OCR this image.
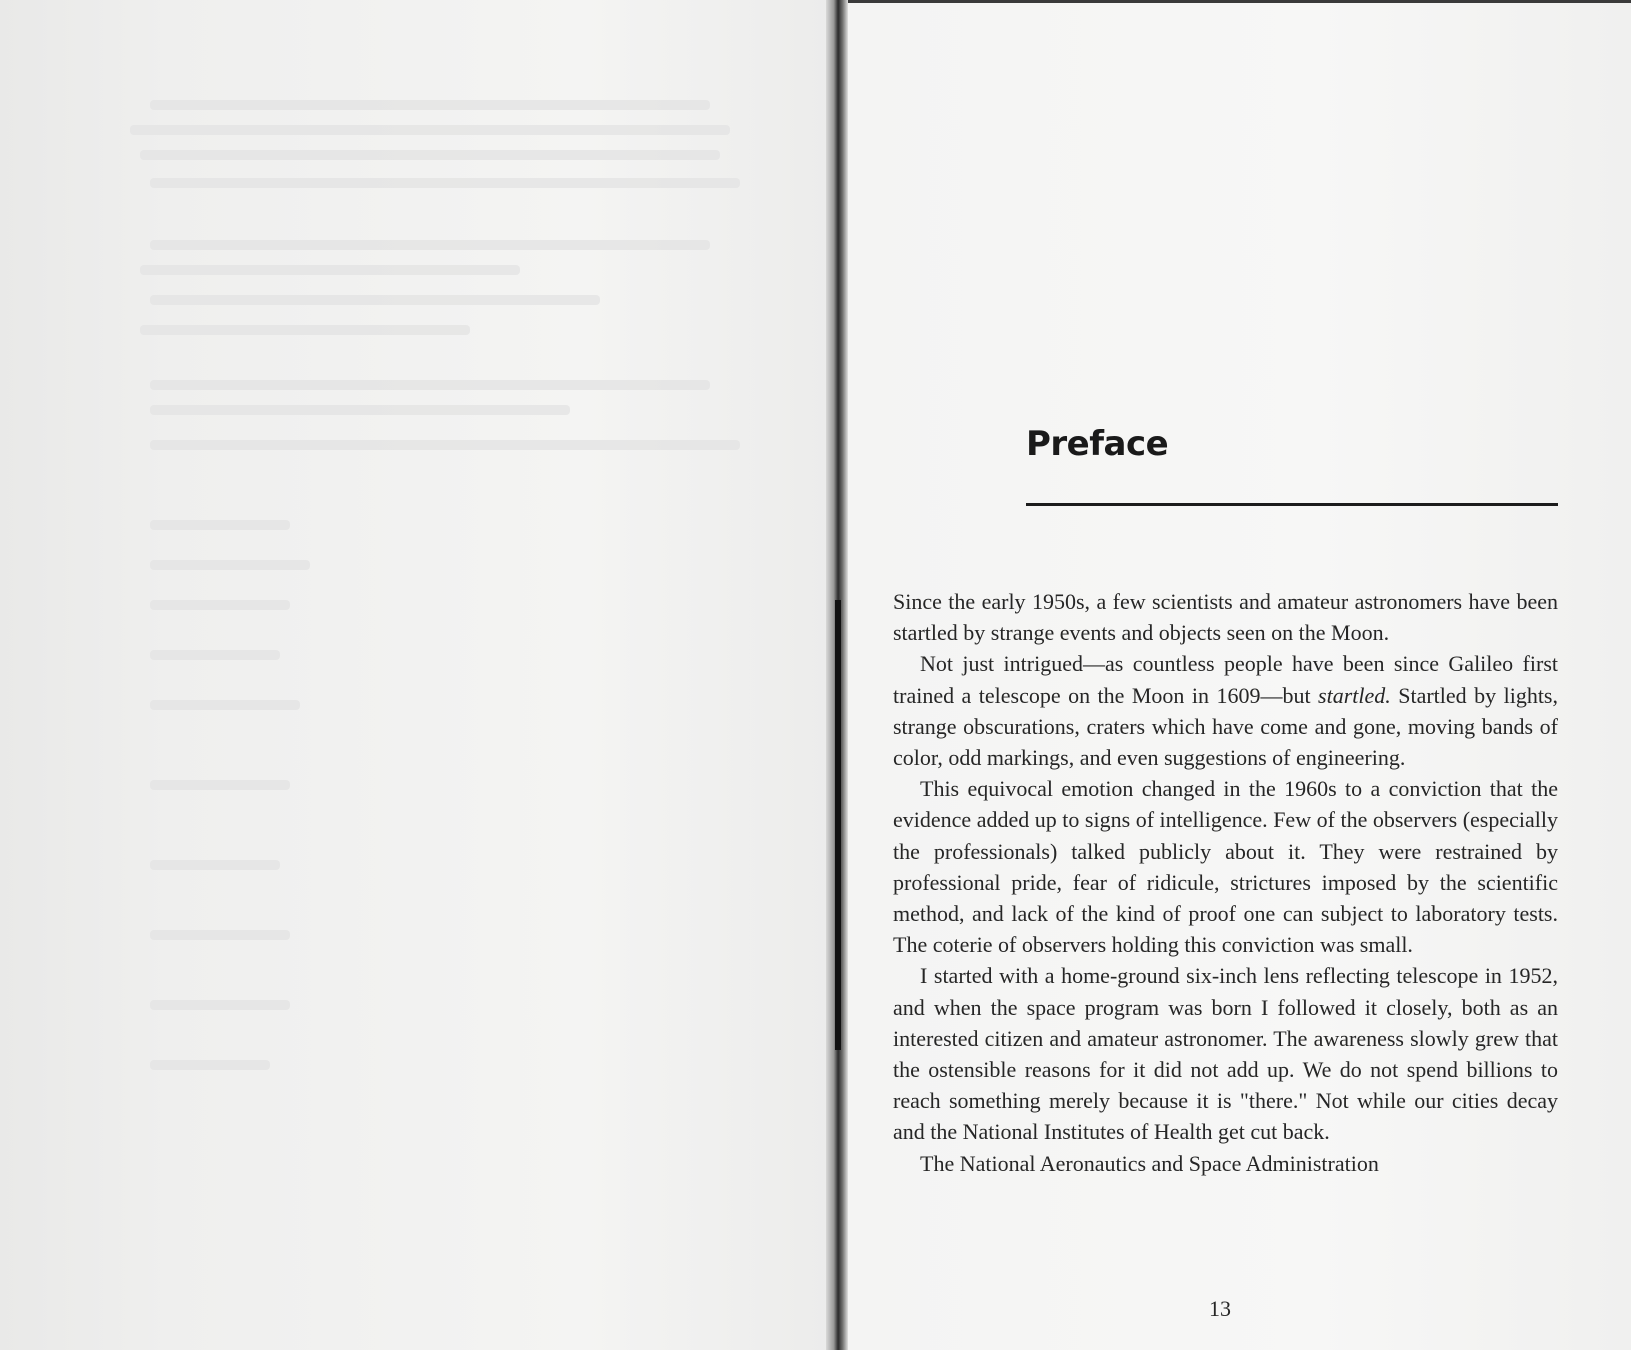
Preface

Since the early 1950s, a few scientists and amateur astronomers have been startled by strange events and objects seen on the Moon.

Not just intrigued—as countless people have been since Galileo first trained a telescope on the Moon in 1609—but startled. Startled by lights, strange obscurations, craters which have come and gone, moving bands of color, odd markings, and even suggestions of engineering.

This equivocal emotion changed in the 1960s to a conviction that the evidence added up to signs of intelligence. Few of the observers (especially the professionals) talked publicly about it. They were restrained by professional pride, fear of ridicule, strictures imposed by the scientific method, and lack of the kind of proof one can subject to laboratory tests. The coterie of observers holding this conviction was small.

I started with a home-ground six-inch lens reflecting telescope in 1952, and when the space program was born I followed it closely, both as an interested citizen and amateur astronomer. The awareness slowly grew that the ostensible reasons for it did not add up. We do not spend billions to reach something merely because it is "there." Not while our cities decay and the National Institutes of Health get cut back.

The National Aeronautics and Space Administration

13
